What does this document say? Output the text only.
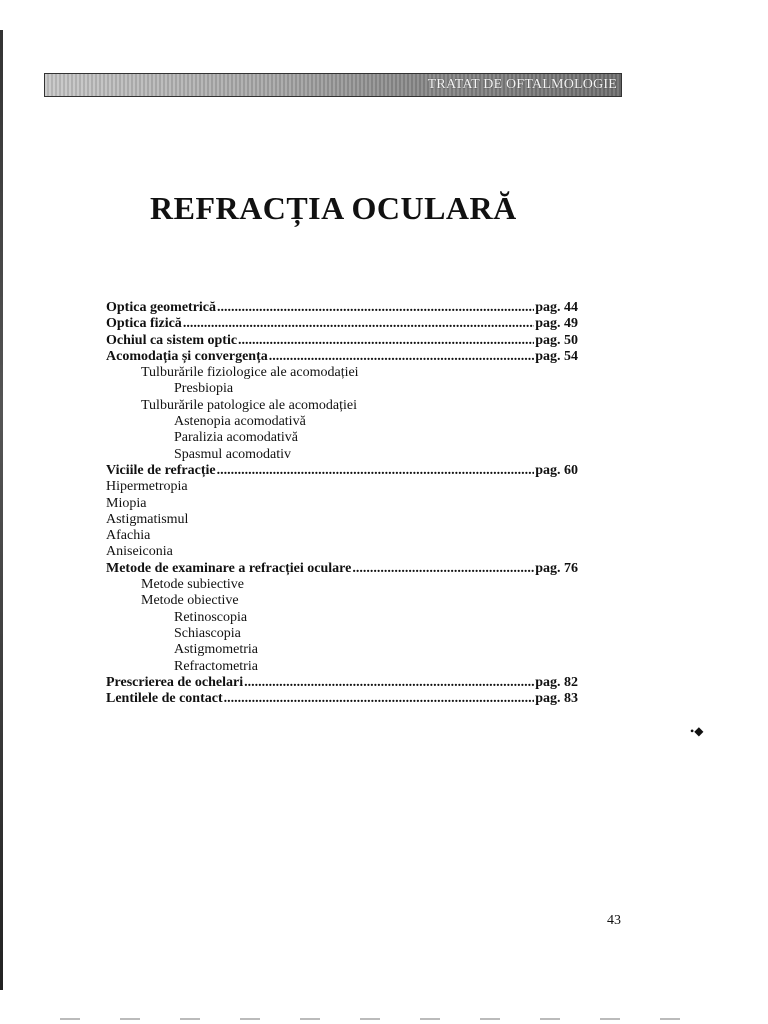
TRATAT DE OFTALMOLOGIE
REFRACȚIA OCULARĂ
Optica geometrică .....	pag. 44
Optica fizică .....	pag. 49
Ochiul ca sistem optic .....	pag. 50
Acomodația și convergența .....	pag. 54
Tulburările fiziologice ale acomodației
Presbiopia
Tulburările patologice ale acomodației
Astenopia acomodativă
Paralizia acomodativă
Spasmul acomodativ
Viciile de refracție .....	pag. 60
Hipermetropia
Miopia
Astigmatismul
Afachia
Aniseiconia
Metode de examinare a refracției oculare .....	pag. 76
Metode subiective
Metode obiective
Retinoscopia
Schiascopia
Astigmometria
Refractometria
Prescrierea de ochelari .....	pag. 82
Lentilele de contact .....	pag. 83
•◆
43
